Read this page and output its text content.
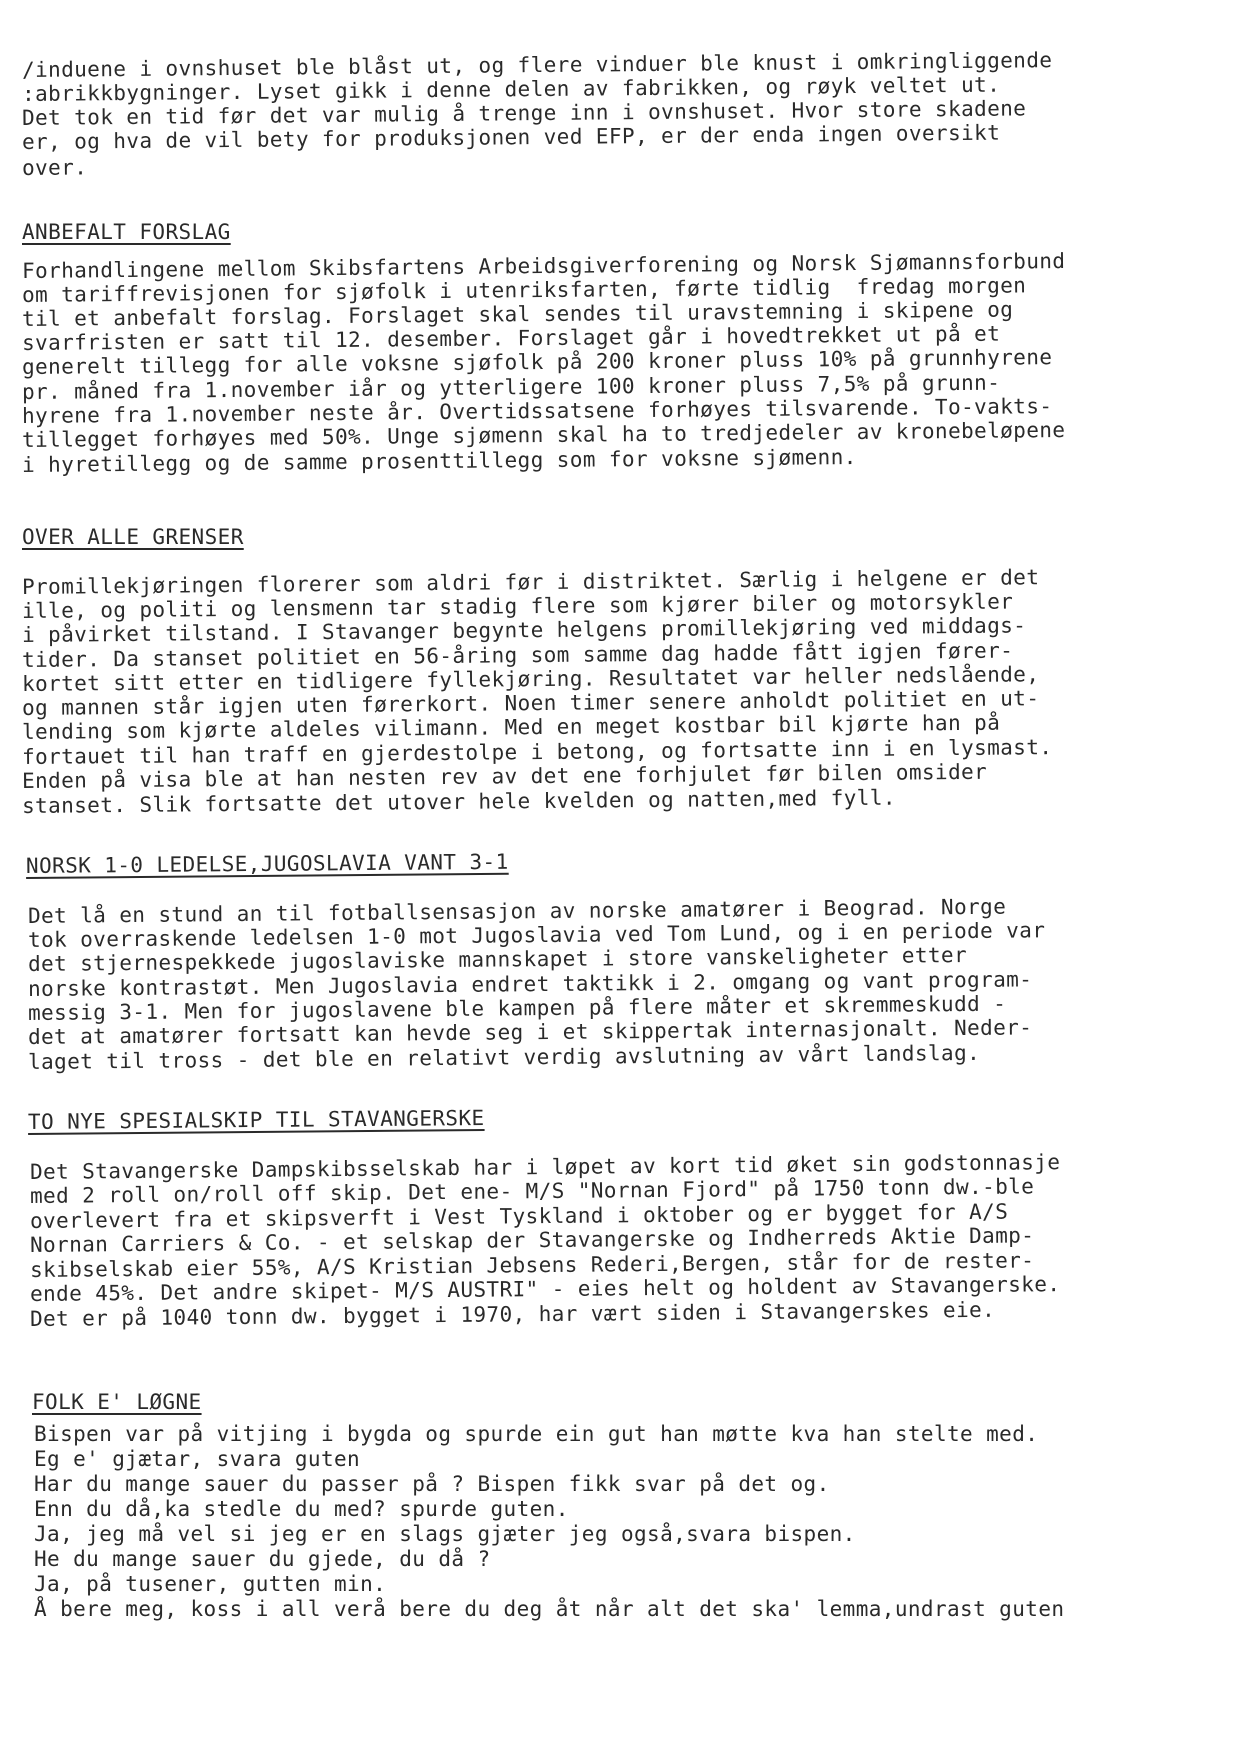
/induene i ovnshuset ble blåst ut, og flere vinduer ble knust i omkringliggende
:abrikkbygninger. Lyset gikk i denne delen av fabrikken, og røyk veltet ut.
Det tok en tid før det var mulig å trenge inn i ovnshuset. Hvor store skadene
er, og hva de vil bety for produksjonen ved EFP, er der enda ingen oversikt
over.
ANBEFALT FORSLAG
Forhandlingene mellom Skibsfartens Arbeidsgiverforening og Norsk Sjømannsforbund
om tariffrevisjonen for sjøfolk i utenriksfarten, førte tidlig  fredag morgen
til et anbefalt forslag. Forslaget skal sendes til uravstemning i skipene og
svarfristen er satt til 12. desember. Forslaget går i hovedtrekket ut på et
generelt tillegg for alle voksne sjøfolk på 200 kroner pluss 10% på grunnhyrene
pr. måned fra 1.november iår og ytterligere 100 kroner pluss 7,5% på grunn-
hyrene fra 1.november neste år. Overtidssatsene forhøyes tilsvarende. To-vakts-
tillegget forhøyes med 50%. Unge sjømenn skal ha to tredjedeler av kronebeløpene
i hyretillegg og de samme prosenttillegg som for voksne sjømenn.
OVER ALLE GRENSER
Promillekjøringen florerer som aldri før i distriktet. Særlig i helgene er det
ille, og politi og lensmenn tar stadig flere som kjører biler og motorsykler
i påvirket tilstand. I Stavanger begynte helgens promillekjøring ved middags-
tider. Da stanset politiet en 56-åring som samme dag hadde fått igjen fører-
kortet sitt etter en tidligere fyllekjøring. Resultatet var heller nedslående,
og mannen står igjen uten førerkort. Noen timer senere anholdt politiet en ut-
lending som kjørte aldeles vilimann. Med en meget kostbar bil kjørte han på
fortauet til han traff en gjerdestolpe i betong, og fortsatte inn i en lysmast.
Enden på visa ble at han nesten rev av det ene forhjulet før bilen omsider
stanset. Slik fortsatte det utover hele kvelden og natten,med fyll.
NORSK 1-0 LEDELSE,JUGOSLAVIA VANT 3-1
Det lå en stund an til fotballsensasjon av norske amatører i Beograd. Norge
tok overraskende ledelsen 1-0 mot Jugoslavia ved Tom Lund, og i en periode var
det stjernespekkede jugoslaviske mannskapet i store vanskeligheter etter
norske kontrastøt. Men Jugoslavia endret taktikk i 2. omgang og vant program-
messig 3-1. Men for jugoslavene ble kampen på flere måter et skremmeskudd -
det at amatører fortsatt kan hevde seg i et skippertak internasjonalt. Neder-
laget til tross - det ble en relativt verdig avslutning av vårt landslag.
TO NYE SPESIALSKIP TIL STAVANGERSKE
Det Stavangerske Dampskibsselskab har i løpet av kort tid øket sin godstonnasje
med 2 roll on/roll off skip. Det ene- M/S "Nornan Fjord" på 1750 tonn dw.-ble
overlevert fra et skipsverft i Vest Tyskland i oktober og er bygget for A/S
Nornan Carriers & Co. - et selskap der Stavangerske og Indherreds Aktie Damp-
skibselskab eier 55%, A/S Kristian Jebsens Rederi,Bergen, står for de rester-
ende 45%. Det andre skipet- M/S AUSTRI" - eies helt og holdent av Stavangerske.
Det er på 1040 tonn dw. bygget i 1970, har vært siden i Stavangerskes eie.
FOLK E' LØGNE
Bispen var på vitjing i bygda og spurde ein gut han møtte kva han stelte med.
Eg e' gjætar, svara guten
Har du mange sauer du passer på ? Bispen fikk svar på det og.
Enn du då,ka stedle du med? spurde guten.
Ja, jeg må vel si jeg er en slags gjæter jeg også,svara bispen.
He du mange sauer du gjede, du då ?
Ja, på tusener, gutten min.
Å bere meg, koss i all verå bere du deg åt når alt det ska' lemma,undrast guten
